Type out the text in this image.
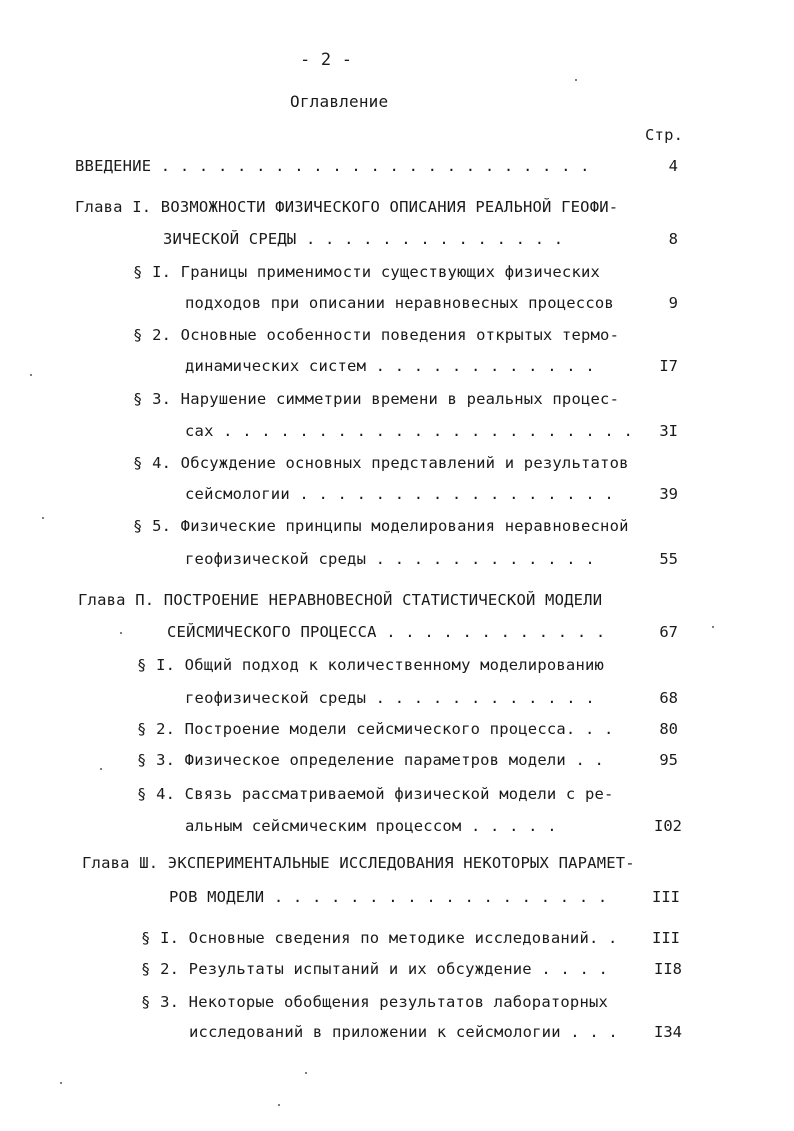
- 2 -
Оглавление
Стр.
ВВЕДЕНИЕ . . . . . . . . . . . . . . . . . . . . . . .	4
Глава I. ВОЗМОЖНОСТИ ФИЗИЧЕСКОГО ОПИСАНИЯ РЕАЛЬНОЙ ГЕОФИ-
ЗИЧЕСКОЙ СРЕДЫ . . . . . . . . . . . . . .	8
§ I. Границы применимости существующих физических
подходов при описании неравновесных процессов	9
§ 2. Основные особенности поведения открытых термо-
динамических систем . . . . . . . . . . . .	I7
§ 3. Нарушение симметрии времени в реальных процес-
сах . . . . . . . . . . . . . . . . . . . . . . 3I
§ 4. Обсуждение основных представлений и результатов
сейсмологии . . . . . . . . . . . . . . . . .	39
§ 5. Физические принципы моделирования неравновесной
геофизической среды . . . . . . . . . . . .	55
Глава П. ПОСТРОЕНИЕ НЕРАВНОВЕСНОЙ СТАТИСТИЧЕСКОЙ МОДЕЛИ
СЕЙСМИЧЕСКОГО ПРОЦЕССА . . . . . . . . . . . .	67
§ I. Общий подход к количественному моделированию
геофизической среды . . . . . . . . . . . .	68
§ 2. Построение модели сейсмического процесса. . .	80
§ 3. Физическое определение параметров модели . .	95
§ 4. Связь рассматриваемой физической модели с ре-
альным сейсмическим процессом . . . . .	I02
Глава Ш. ЭКСПЕРИМЕНТАЛЬНЫЕ ИССЛЕДОВАНИЯ НЕКОТОРЫХ ПАРАМЕТ-
РОВ МОДЕЛИ . . . . . . . . . . . . . . . . . .	III
§ I. Основные сведения по методике исследований. . III
§ 2. Результаты испытаний и их обсуждение . . . .	II8
§ 3. Некоторые обобщения результатов лабораторных
исследований в приложении к сейсмологии . . . I34
